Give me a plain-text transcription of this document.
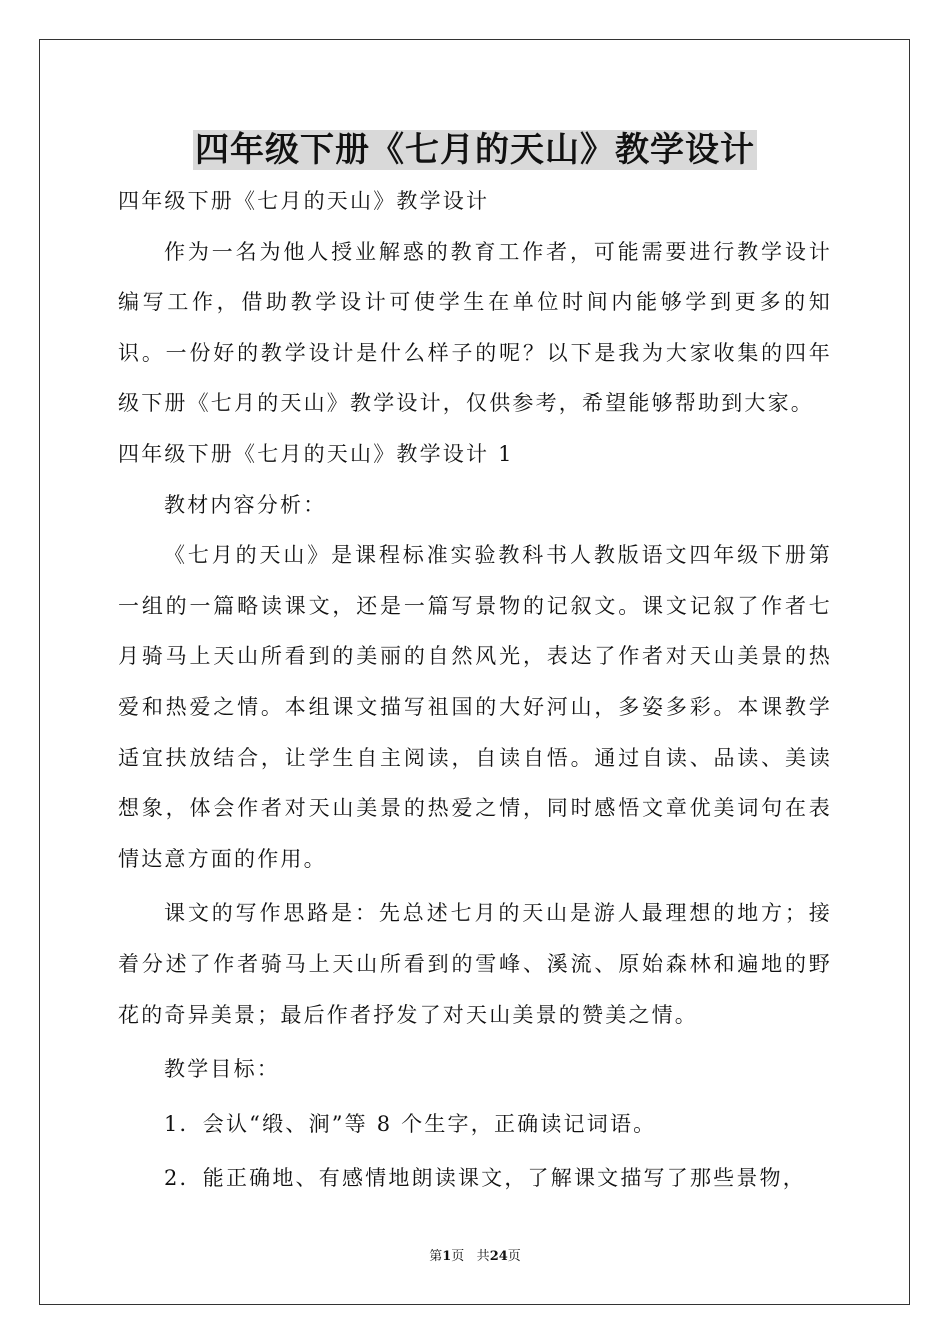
四年级下册《七月的天山》教学设计

四年级下册《七月的天山》教学设计

作为一名为他人授业解惑的教育工作者，可能需要进行教学设计编写工作，借助教学设计可使学生在单位时间内能够学到更多的知识。一份好的教学设计是什么样子的呢？以下是我为大家收集的四年级下册《七月的天山》教学设计，仅供参考，希望能够帮助到大家。

四年级下册《七月的天山》教学设计 1

教材内容分析：

《七月的天山》是课程标准实验教科书人教版语文四年级下册第一组的一篇略读课文，还是一篇写景物的记叙文。课文记叙了作者七月骑马上天山所看到的美丽的自然风光，表达了作者对天山美景的热爱和热爱之情。本组课文描写祖国的大好河山，多姿多彩。本课教学适宜扶放结合，让学生自主阅读，自读自悟。通过自读、品读、美读想象，体会作者对天山美景的热爱之情，同时感悟文章优美词句在表情达意方面的作用。

课文的写作思路是：先总述七月的天山是游人最理想的地方；接着分述了作者骑马上天山所看到的雪峰、溪流、原始森林和遍地的野花的奇异美景；最后作者抒发了对天山美景的赞美之情。

教学目标：

1．会认“缎、涧”等 8 个生字，正确读记词语。

2．能正确地、有感情地朗读课文，了解课文描写了那些景物，

第1页 共24页
